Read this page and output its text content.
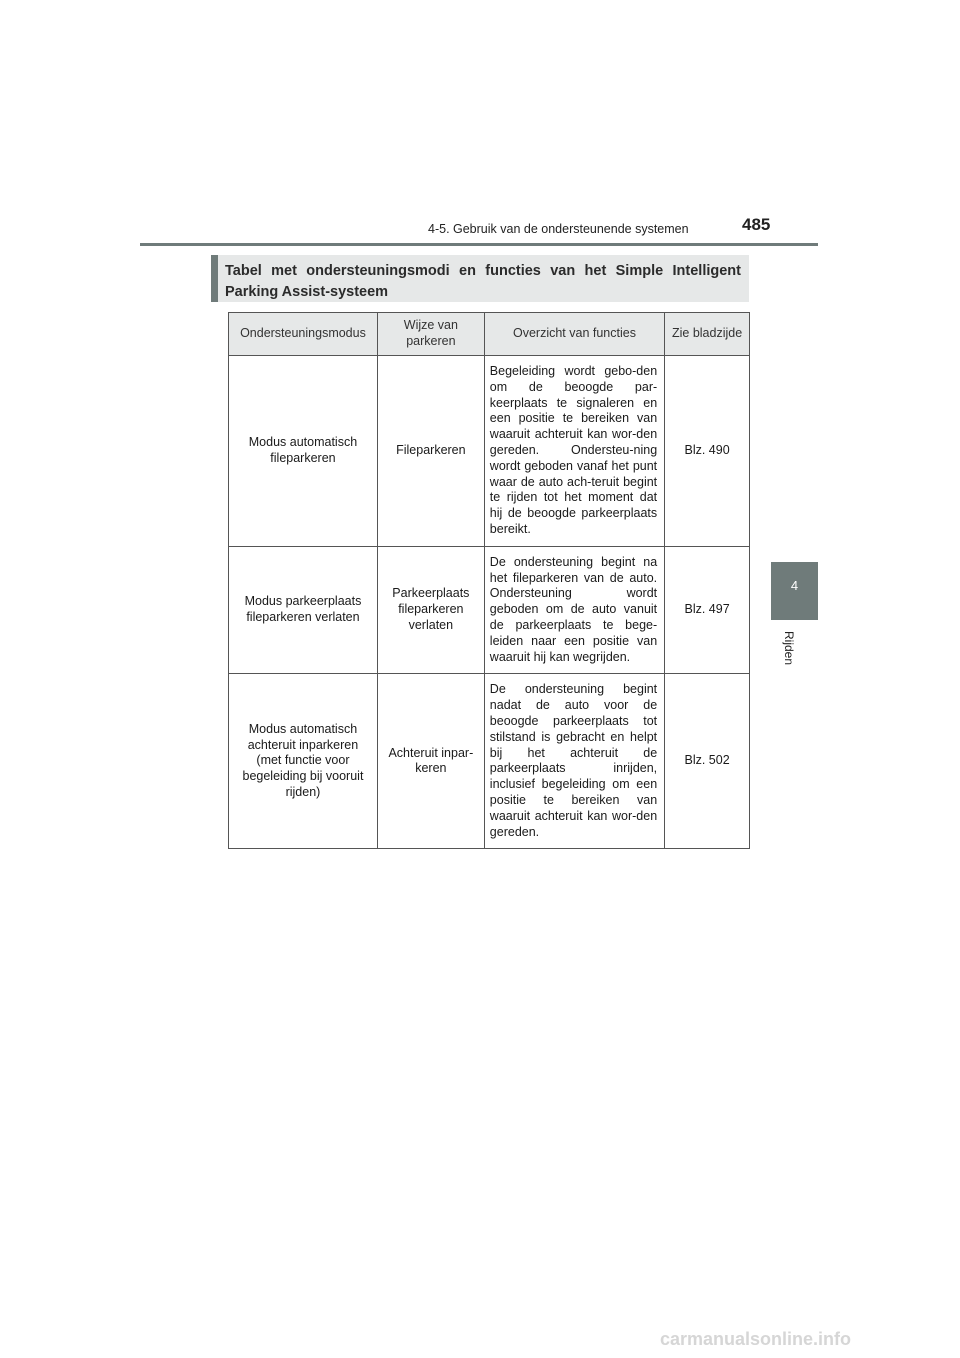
4-5. Gebruik van de ondersteunende systemen	485
4
Rijden
Tabel met ondersteuningsmodi en functies van het Simple Intelligent Parking Assist-systeem
Ondersteuningsmodus	Wijze van parkeren	Overzicht van functies	Zie bladzijde
Modus automatisch fileparkeren	Fileparkeren	Begeleiding wordt gebo-den om de beoogde par-keerplaats te signaleren en een positie te bereiken van waaruit achteruit kan wor-den gereden. Ondersteu-ning wordt geboden vanaf het punt waar de auto ach-teruit begint te rijden tot het moment dat hij de beoogde parkeerplaats bereikt.	Blz. 490
Modus parkeerplaats fileparkeren verlaten	Parkeerplaats fileparkeren verlaten	De ondersteuning begint na het fileparkeren van de auto. Ondersteuning wordt geboden om de auto vanuit de parkeerplaats te bege-leiden naar een positie van waaruit hij kan wegrijden.	Blz. 497
Modus automatisch achteruit inparkeren (met functie voor begeleiding bij vooruit rijden)	Achteruit inpar-keren	De ondersteuning begint nadat de auto voor de beoogde parkeerplaats tot stilstand is gebracht en helpt bij het achteruit de parkeerplaats inrijden, inclusief begeleiding om een positie te bereiken van waaruit achteruit kan wor-den gereden.	Blz. 502
carmanualsonline.info
